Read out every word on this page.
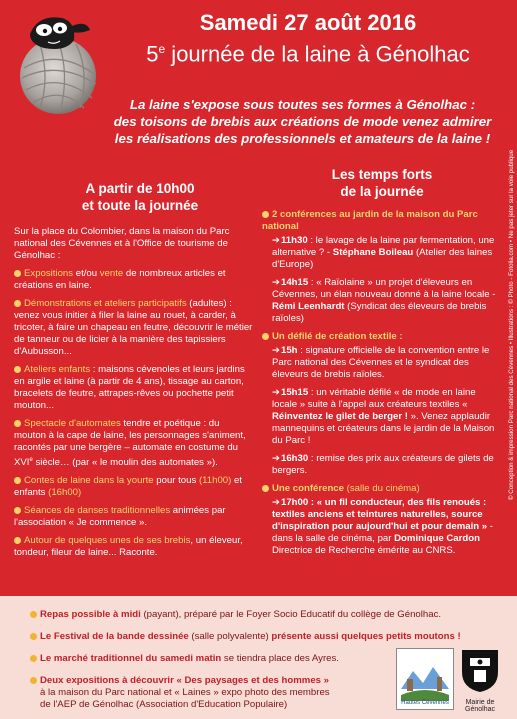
Samedi 27 août 2016
5e journée de la laine à Génolhac
La laine s'expose sous toutes ses formes à Génolhac :
des toisons de brebis aux créations de mode venez admirer
les réalisations des professionnels et amateurs de la laine !
A partir de 10h00
et toute la journée
Les temps forts
de la journée

Sur la place du Colombier, dans la maison du Parc national des Cévennes et à l'Office de tourisme de Génolhac :

Expositions et/ou vente de nombreux articles et créations en laine.

Démonstrations et ateliers participatifs (adultes) : venez vous initier à filer la laine au rouet, à carder, à tricoter, à faire un chapeau en feutre, découvrir le métier de tanneur ou de licier à la manière des tapissiers d'Aubusson...

Ateliers enfants : maisons cévenoles et leurs jardins en argile et laine (à partir de 4 ans), tissage au carton, bracelets de feutre, attrapes-rêves ou pochette petit mouton...

Spectacle d'automates tendre et poétique : du mouton à la cape de laine, les personnages s'animent, racontés par une bergère – automate en costume du XVIe siècle… (par « le moulin des automates »).

Contes de laine dans la yourte pour tous (11h00) et enfants (16h00)

Séances de danses traditionnelles animées par l'association « Je commence ».

Autour de quelques unes de ses brebis, un éleveur, tondeur, fileur de laine... Raconte.

2 conférences au jardin de la maison du Parc national

➔11h30 : le lavage de la laine par fermentation, une alternative ? - Stéphane Boileau (Atelier des laines d'Europe)

➔14h15 : « Raïolaine » un projet d'éleveurs en Cévennes, un élan nouveau donné à la laine locale - Rémi Leenhardt (Syndicat des éleveurs de brebis raïoles)

Un défilé de création textile :

➔15h : signature officielle de la convention entre le Parc national des Cévennes et le syndicat des éleveurs de brebis raïoles.

➔15h15 : un véritable défilé « de mode en laine locale » suite à l'appel aux créateurs textiles « Réinventez le gilet de berger ! ». Venez applaudir mannequins et créateurs dans le jardin de la Maison du Parc !

➔16h30 : remise des prix aux créateurs de gilets de bergers.

Une conférence (salle du cinéma)

➔17h00 : « un fil conducteur, des fils renoués : textiles anciens et teintures naturelles, source d'inspiration pour aujourd'hui et pour demain » - dans la salle de cinéma, par Dominique Cardon Directrice de Recherche émérite au CNRS.

© Conception & impression Parc national des Cévennes • Illustrations : © Photo - Fotolia.com • Ne pas jeter sur la voie publique
Repas possible à midi (payant), préparé par le Foyer Socio Educatif du collège de Génolhac.
Le Festival de la bande dessinée (salle polyvalente) présente aussi quelques petits moutons !
Le marché traditionnel du samedi matin se tiendra place des Ayres.
Deux expositions à découvrir « Des paysages et des hommes »
à la maison du Parc national et « Laines » expo photo des membres
de l'AEP de Génolhac (Association d'Education Populaire)	Hautes Cévennes	Mairie de Génolhac
